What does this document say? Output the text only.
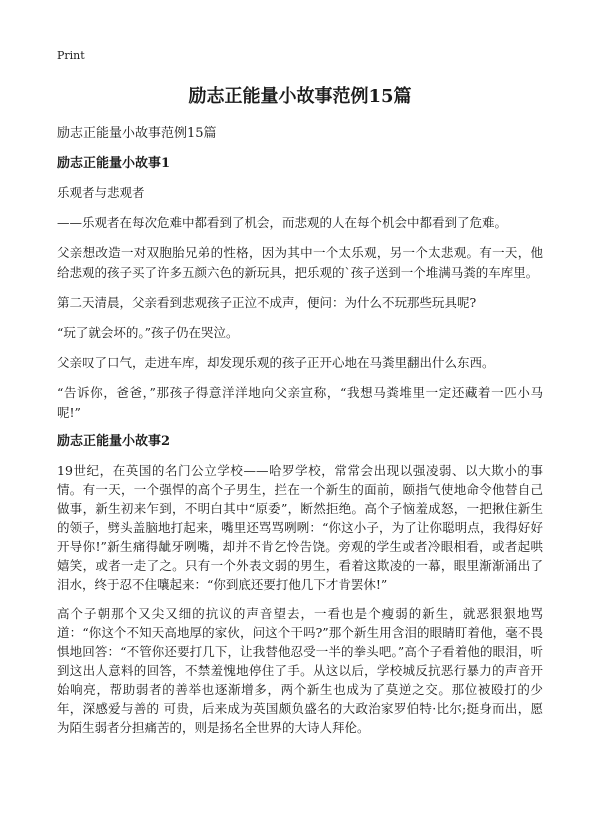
Print
励志正能量小故事范例15篇

励志正能量小故事范例15篇

励志正能量小故事1

乐观者与悲观者

——乐观者在每次危难中都看到了机会，而悲观的人在每个机会中都看到了危难。

父亲想改造一对双胞胎兄弟的性格，因为其中一个太乐观，另一个太悲观。有一天，他给悲观的孩子买了许多五颜六色的新玩具，把乐观的`孩子送到一个堆满马粪的车库里。

第二天清晨，父亲看到悲观孩子正泣不成声，便问：为什么不玩那些玩具呢?

“玩了就会坏的。”孩子仍在哭泣。

父亲叹了口气，走进车库，却发现乐观的孩子正开心地在马粪里翻出什么东西。

“告诉你，爸爸，”那孩子得意洋洋地向父亲宣称，“我想马粪堆里一定还藏着一匹小马呢!”

励志正能量小故事2

19世纪，在英国的名门公立学校——哈罗学校，常常会出现以强凌弱、以大欺小的事情。有一天，一个强悍的高个子男生，拦在一个新生的面前，颐指气使地命令他替自己做事，新生初来乍到，不明白其中“原委”，断然拒绝。高个子恼羞成怒，一把揪住新生的领子，劈头盖脑地打起来，嘴里还骂骂咧咧：“你这小子，为了让你聪明点，我得好好开导你!”新生痛得龇牙咧嘴，却并不肯乞怜告饶。旁观的学生或者冷眼相看，或者起哄嬉笑，或者一走了之。只有一个外表文弱的男生，看着这欺凌的一幕，眼里渐渐涌出了泪水，终于忍不住嚷起来：“你到底还要打他几下才肯罢休!”

高个子朝那个又尖又细的抗议的声音望去，一看也是个瘦弱的新生，就恶狠狠地骂道：“你这个不知天高地厚的家伙，问这个干吗?”那个新生用含泪的眼睛盯着他，毫不畏惧地回答：“不管你还要打几下，让我替他忍受一半的拳头吧。”高个子看着他的眼泪，听到这出人意料的回答，不禁羞愧地停住了手。从这以后，学校城反抗恶行暴力的声音开始响亮，帮助弱者的善举也逐渐增多，两个新生也成为了莫逆之交。那位被殴打的少年，深感爱与善的 可贵，后来成为英国颇负盛名的大政治家罗伯特·比尔;挺身而出，愿为陌生弱者分担痛苦的，则是扬名全世界的大诗人拜伦。
